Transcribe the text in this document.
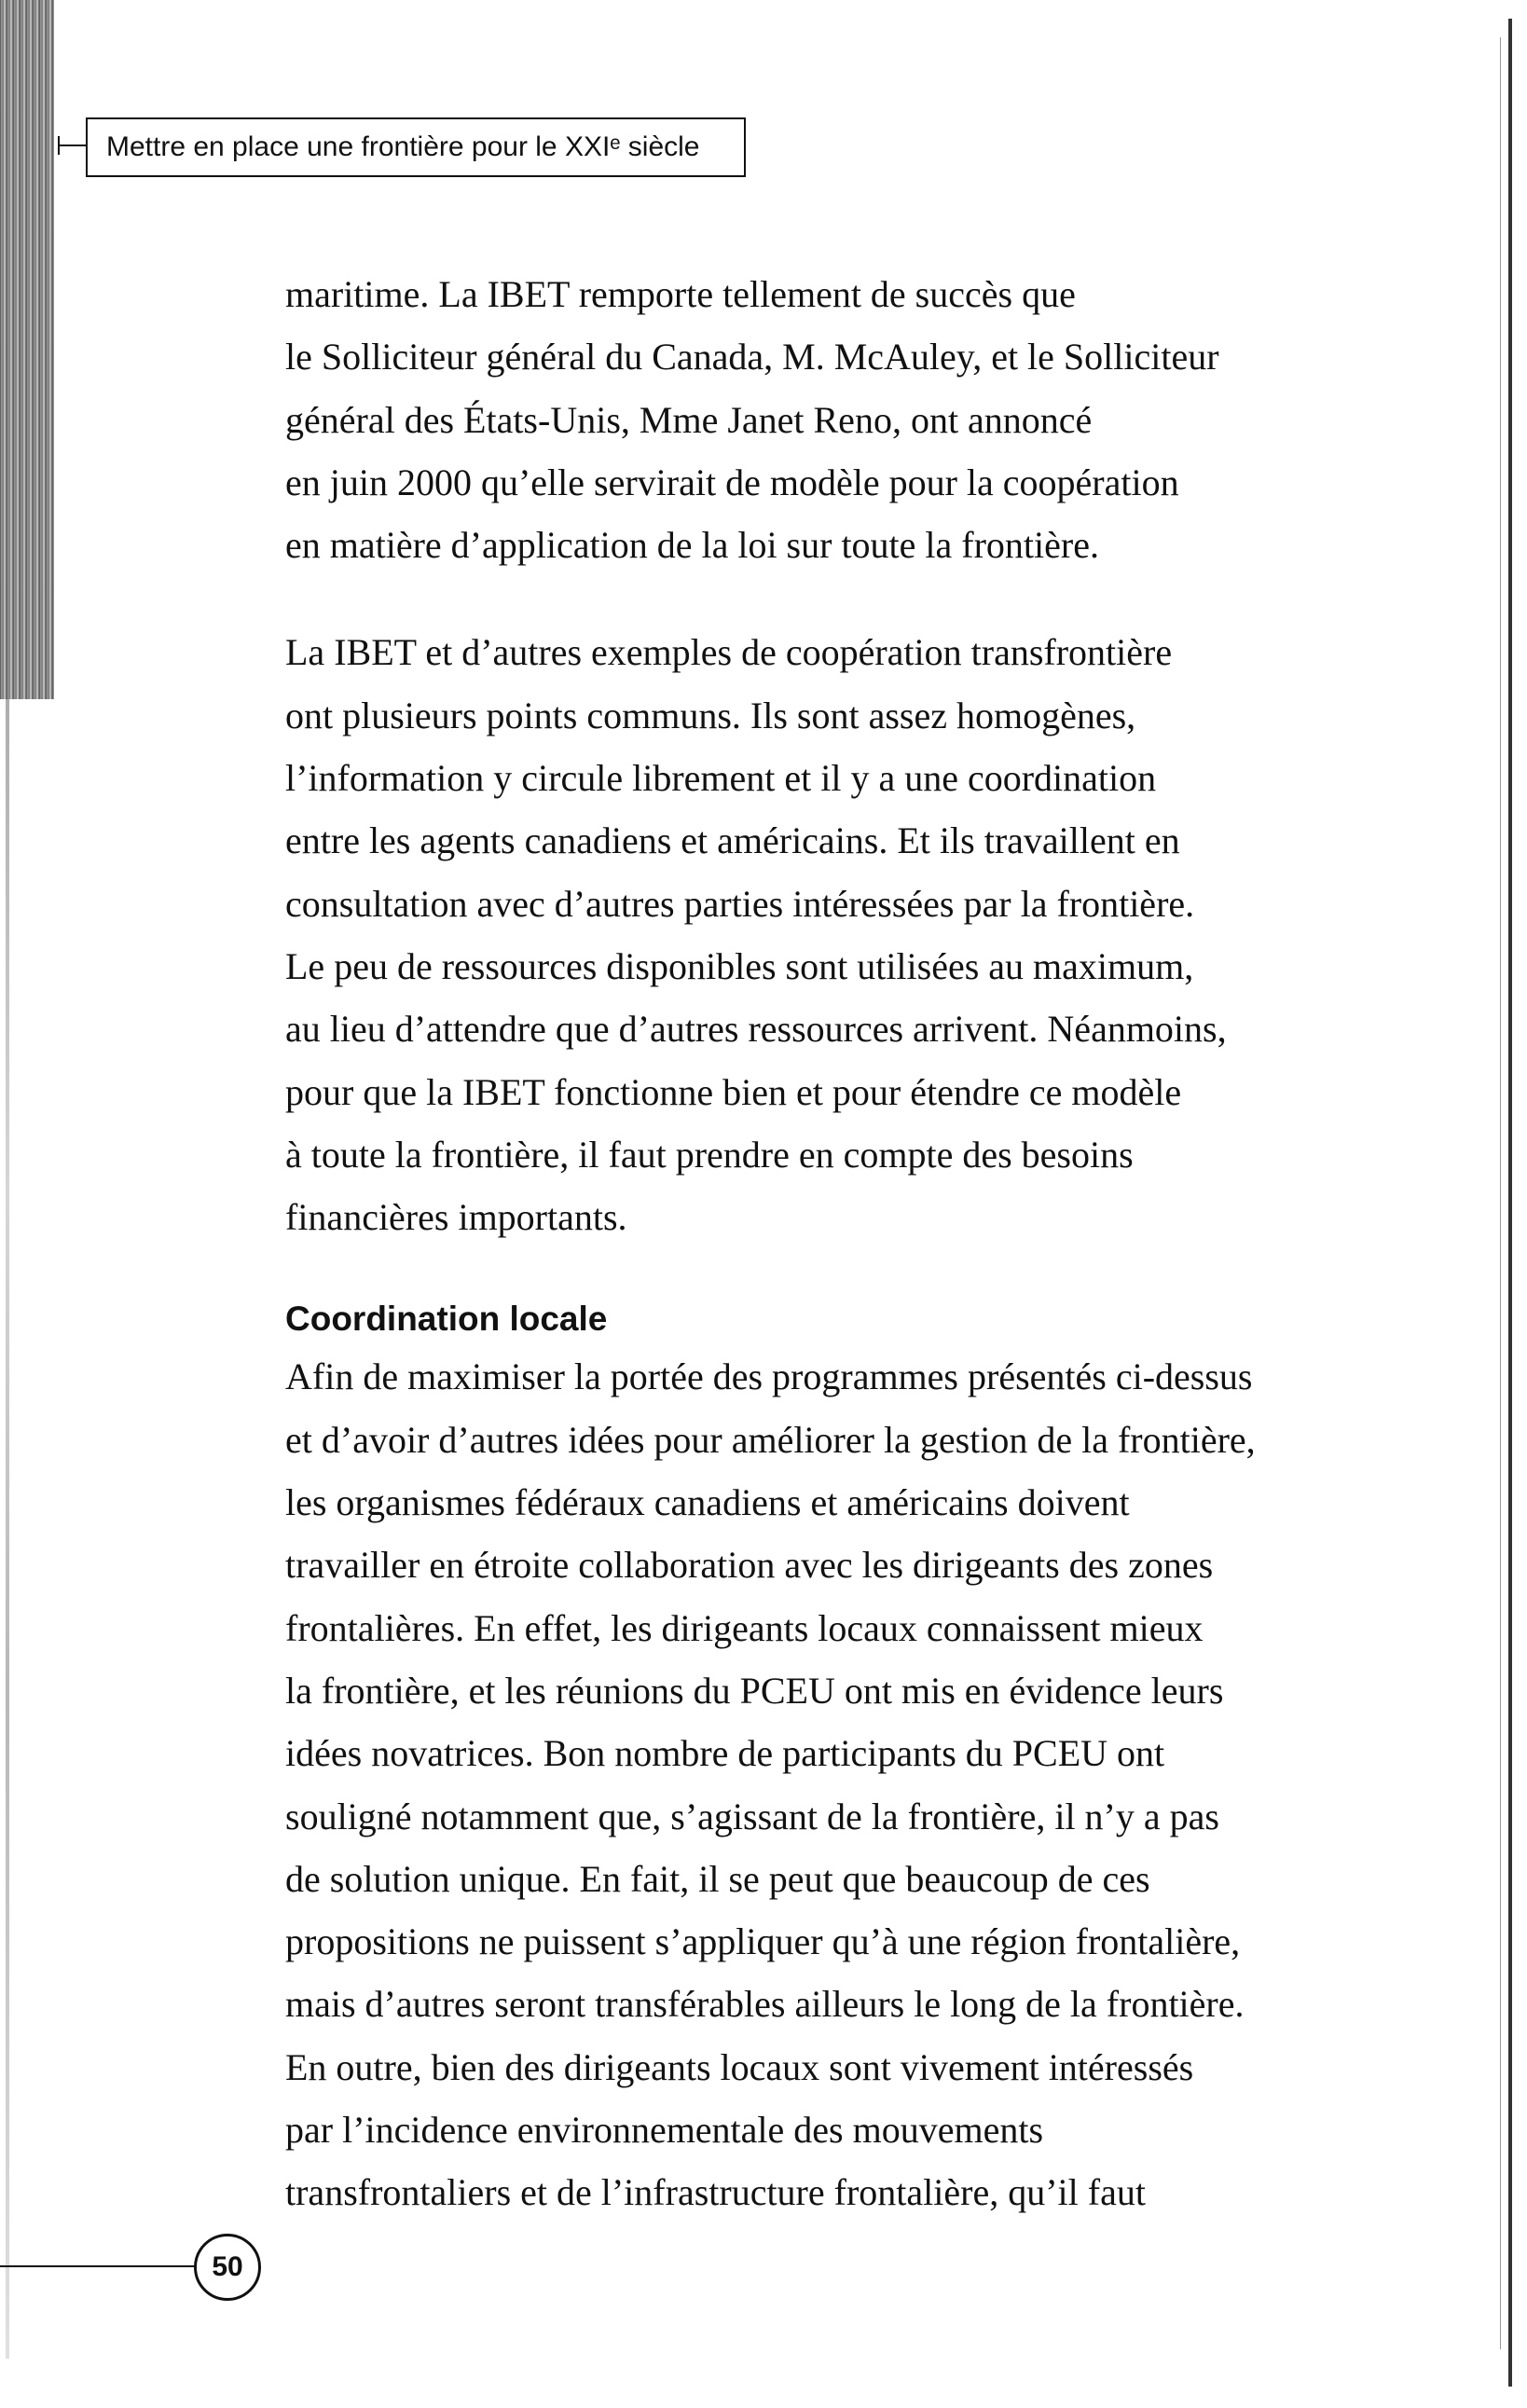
Mettre en place une frontière pour le XXIᵉ siècle

maritime. La IBET remporte tellement de succès que
le Solliciteur général du Canada, M. McAuley, et le Solliciteur
général des États-Unis, Mme Janet Reno, ont annoncé
en juin 2000 qu’elle servirait de modèle pour la coopération
en matière d’application de la loi sur toute la frontière.

La IBET et d’autres exemples de coopération transfrontière
ont plusieurs points communs. Ils sont assez homogènes,
l’information y circule librement et il y a une coordination
entre les agents canadiens et américains. Et ils travaillent en
consultation avec d’autres parties intéressées par la frontière.
Le peu de ressources disponibles sont utilisées au maximum,
au lieu d’attendre que d’autres ressources arrivent. Néanmoins,
pour que la IBET fonctionne bien et pour étendre ce modèle
à toute la frontière, il faut prendre en compte des besoins
financières importants.

Coordination locale

Afin de maximiser la portée des programmes présentés ci-dessus
et d’avoir d’autres idées pour améliorer la gestion de la frontière,
les organismes fédéraux canadiens et américains doivent
travailler en étroite collaboration avec les dirigeants des zones
frontalières. En effet, les dirigeants locaux connaissent mieux
la frontière, et les réunions du PCEU ont mis en évidence leurs
idées novatrices. Bon nombre de participants du PCEU ont
souligné notamment que, s’agissant de la frontière, il n’y a pas
de solution unique. En fait, il se peut que beaucoup de ces
propositions ne puissent s’appliquer qu’à une région frontalière,
mais d’autres seront transférables ailleurs le long de la frontière.
En outre, bien des dirigeants locaux sont vivement intéressés
par l’incidence environnementale des mouvements
transfrontaliers et de l’infrastructure frontalière, qu’il faut

50
